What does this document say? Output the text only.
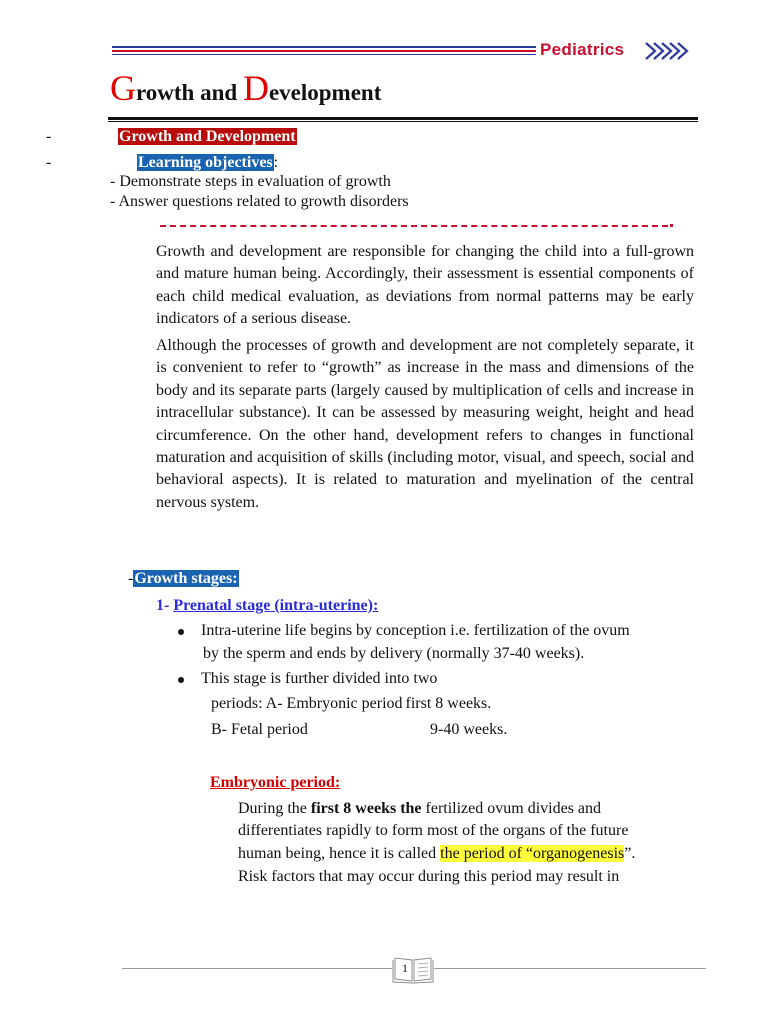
Pediatrics
Growth and Development
-	Growth and Development
-	Learning objectives:
- Demonstrate steps in evaluation of growth
- Answer questions related to growth disorders

Growth and development are responsible for changing the child into a full-grown and mature human being. Accordingly, their assessment is essential components of each child medical evaluation, as deviations from normal patterns may be early indicators of a serious disease.

Although the processes of growth and development are not completely separate, it is convenient to refer to “growth” as increase in the mass and dimensions of the body and its separate parts (largely caused by multiplication of cells and increase in intracellular substance). It can be assessed by measuring weight, height and head circumference. On the other hand, development refers to changes in functional maturation and acquisition of skills (including motor, visual, and speech, social and behavioral aspects). It is related to maturation and myelination of the central nervous system.

-Growth stages:
1- Prenatal stage (intra-uterine):
Intra-uterine life begins by conception i.e. fertilization of the ovum
by the sperm and ends by delivery (normally 37-40 weeks).
This stage is further divided into two
periods: A- Embryonic period first 8 weeks.
B- Fetal period	9-40 weeks.
Embryonic period:
During the first 8 weeks the fertilized ovum divides and
differentiates rapidly to form most of the organs of the future
human being, hence it is called the period of “organogenesis”.
Risk factors that may occur during this period may result in
1
